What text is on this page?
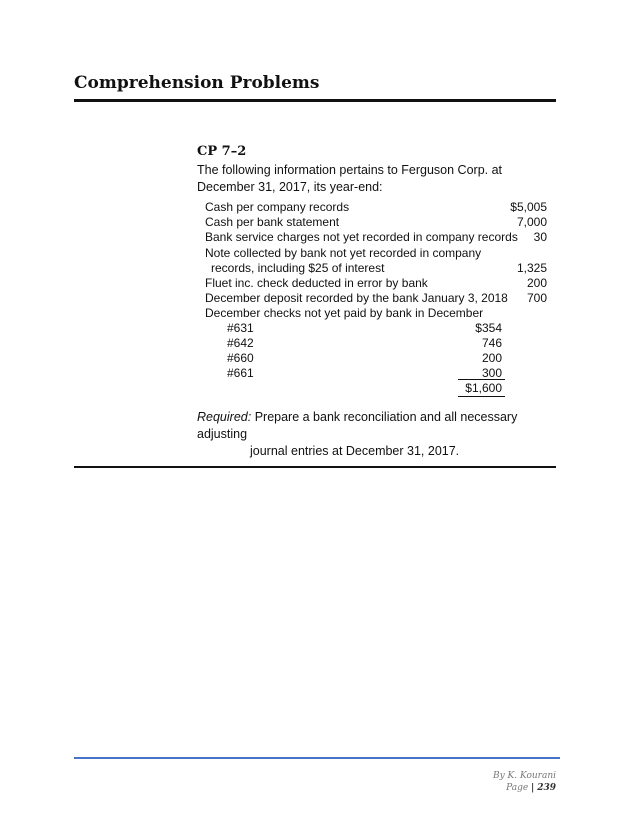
Comprehension Problems
CP 7–2
The following information pertains to Ferguson Corp. at December 31, 2017, its year-end:
Cash per company records	$5,005
Cash per bank statement	7,000
Bank service charges not yet recorded in company records 30
Note collected by bank not yet recorded in company
records, including $25 of interest	1,325
Fluet inc. check deducted in error by bank	200
December deposit recorded by the bank January 3, 2018 700
December checks not yet paid by bank in December
#631	$354
#642	746
#660	200
#661	300
$1,600
Required: Prepare a bank reconciliation and all necessary adjusting
journal entries at December 31, 2017.
By K. Kourani
Page | 239
